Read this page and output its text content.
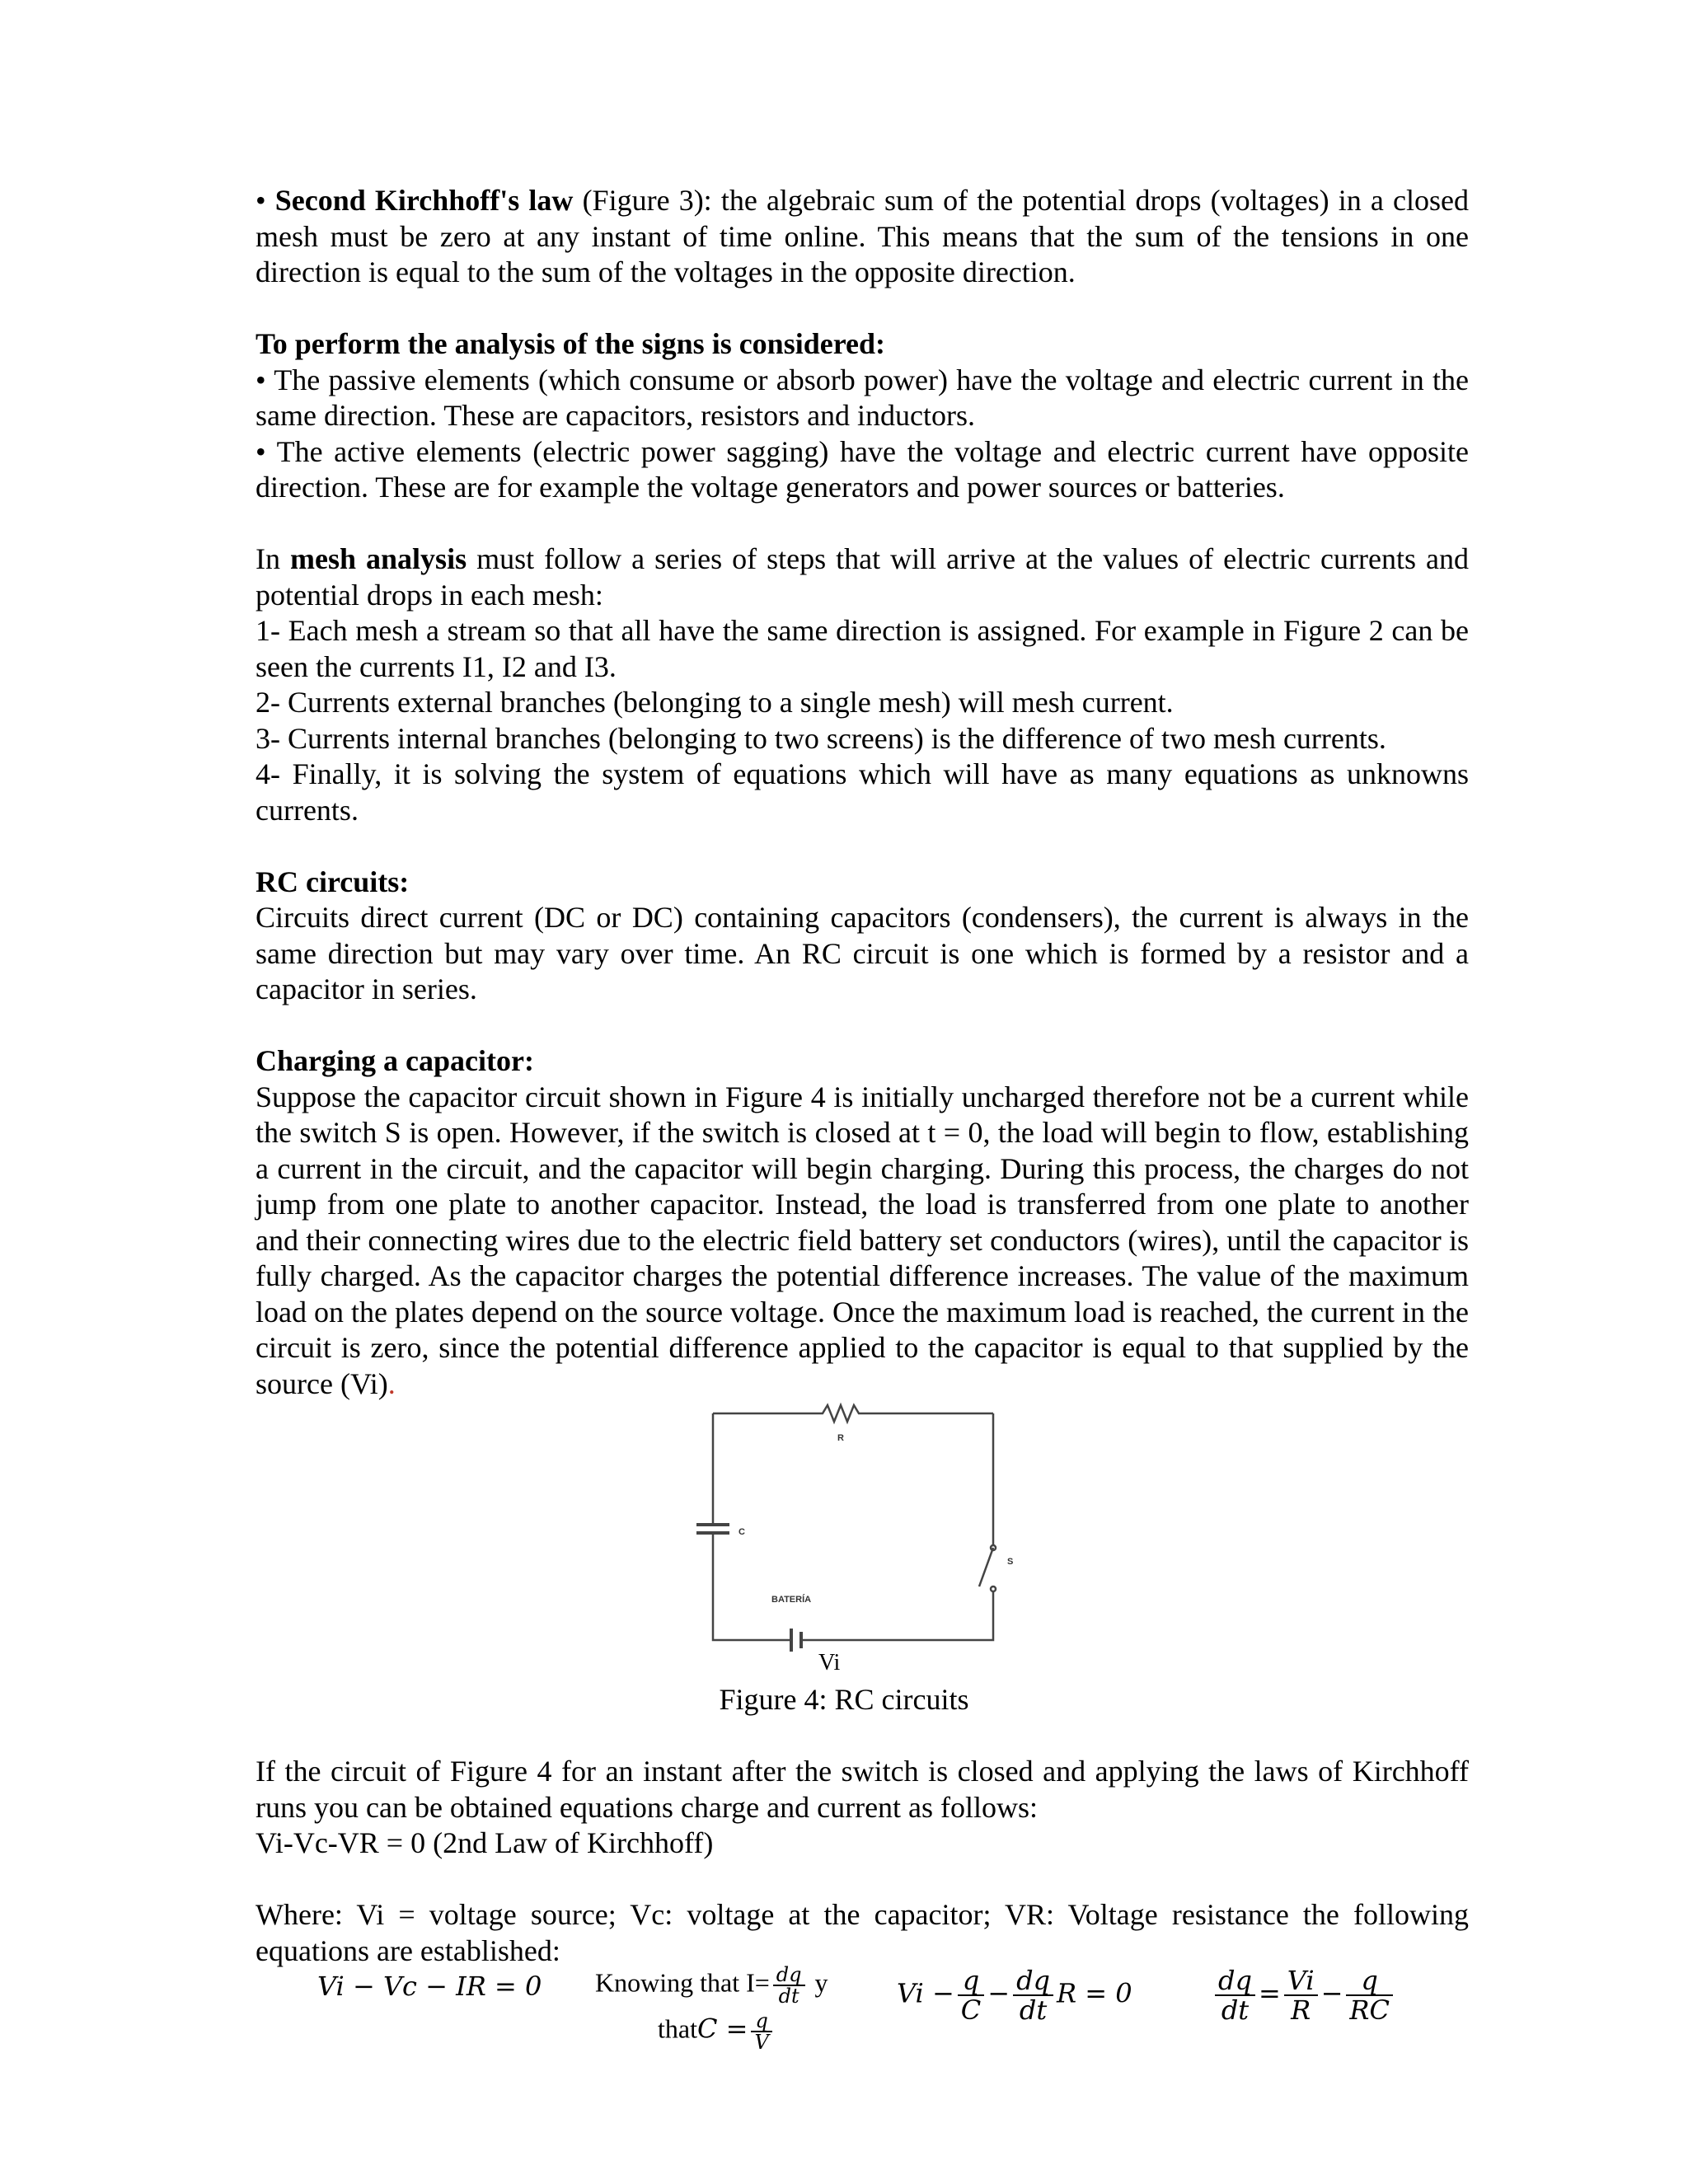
• Second Kirchhoff's law (Figure 3): the algebraic sum of the potential drops (voltages) in a closed mesh must be zero at any instant of time online. This means that the sum of the tensions in one direction is equal to the sum of the voltages in the opposite direction.

To perform the analysis of the signs is considered:

• The passive elements (which consume or absorb power) have the voltage and electric current in the same direction. These are capacitors, resistors and inductors.

• The active elements (electric power sagging) have the voltage and electric current have opposite direction. These are for example the voltage generators and power sources or batteries.

In mesh analysis must follow a series of steps that will arrive at the values of electric currents and potential drops in each mesh:

1- Each mesh a stream so that all have the same direction is assigned. For example in Figure 2 can be seen the currents I1, I2 and I3.

2- Currents external branches (belonging to a single mesh) will mesh current.

3- Currents internal branches (belonging to two screens) is the difference of two mesh currents.

4- Finally, it is solving the system of equations which will have as many equations as unknowns currents.

RC circuits:

Circuits direct current (DC or DC) containing capacitors (condensers), the current is always in the same direction but may vary over time. An RC circuit is one which is formed by a resistor and a capacitor in series.

Charging a capacitor:

Suppose the capacitor circuit shown in Figure 4 is initially uncharged therefore not be a current while the switch S is open. However, if the switch is closed at t = 0, the load will begin to flow, establishing a current in the circuit, and the capacitor will begin charging. During this process, the charges do not jump from one plate to another capacitor. Instead, the load is transferred from one plate to another and their connecting wires due to the electric field battery set conductors (wires), until the capacitor is fully charged. As the capacitor charges the potential difference increases. The value of the maximum load on the plates depend on the source voltage. Once the maximum load is reached, the current in the circuit is zero, since the potential difference applied to the capacitor is equal to that supplied by the source (Vi).

R
C
S
BATERÍA
Vi
Figure 4: RC circuits

If the circuit of Figure 4 for an instant after the switch is closed and applying the laws of Kirchhoff runs you can be obtained equations charge and current as follows:

Vi-Vc-VR = 0 (2nd Law of Kirchhoff)

Where: Vi = voltage source; Vc: voltage at the capacitor; VR: Voltage resistance the following equations are established:

Vi − Vc − IR = 0 Knowing that $I= \frac{dq}{dt}$ y
thatC = $\frac{q}{V}$
$Vi - \frac{q}{C} - \frac{dq}{dt}$ R = 0	$\frac{dq}{dt} = \frac{Vi}{R} - \frac{q}{RC}$
